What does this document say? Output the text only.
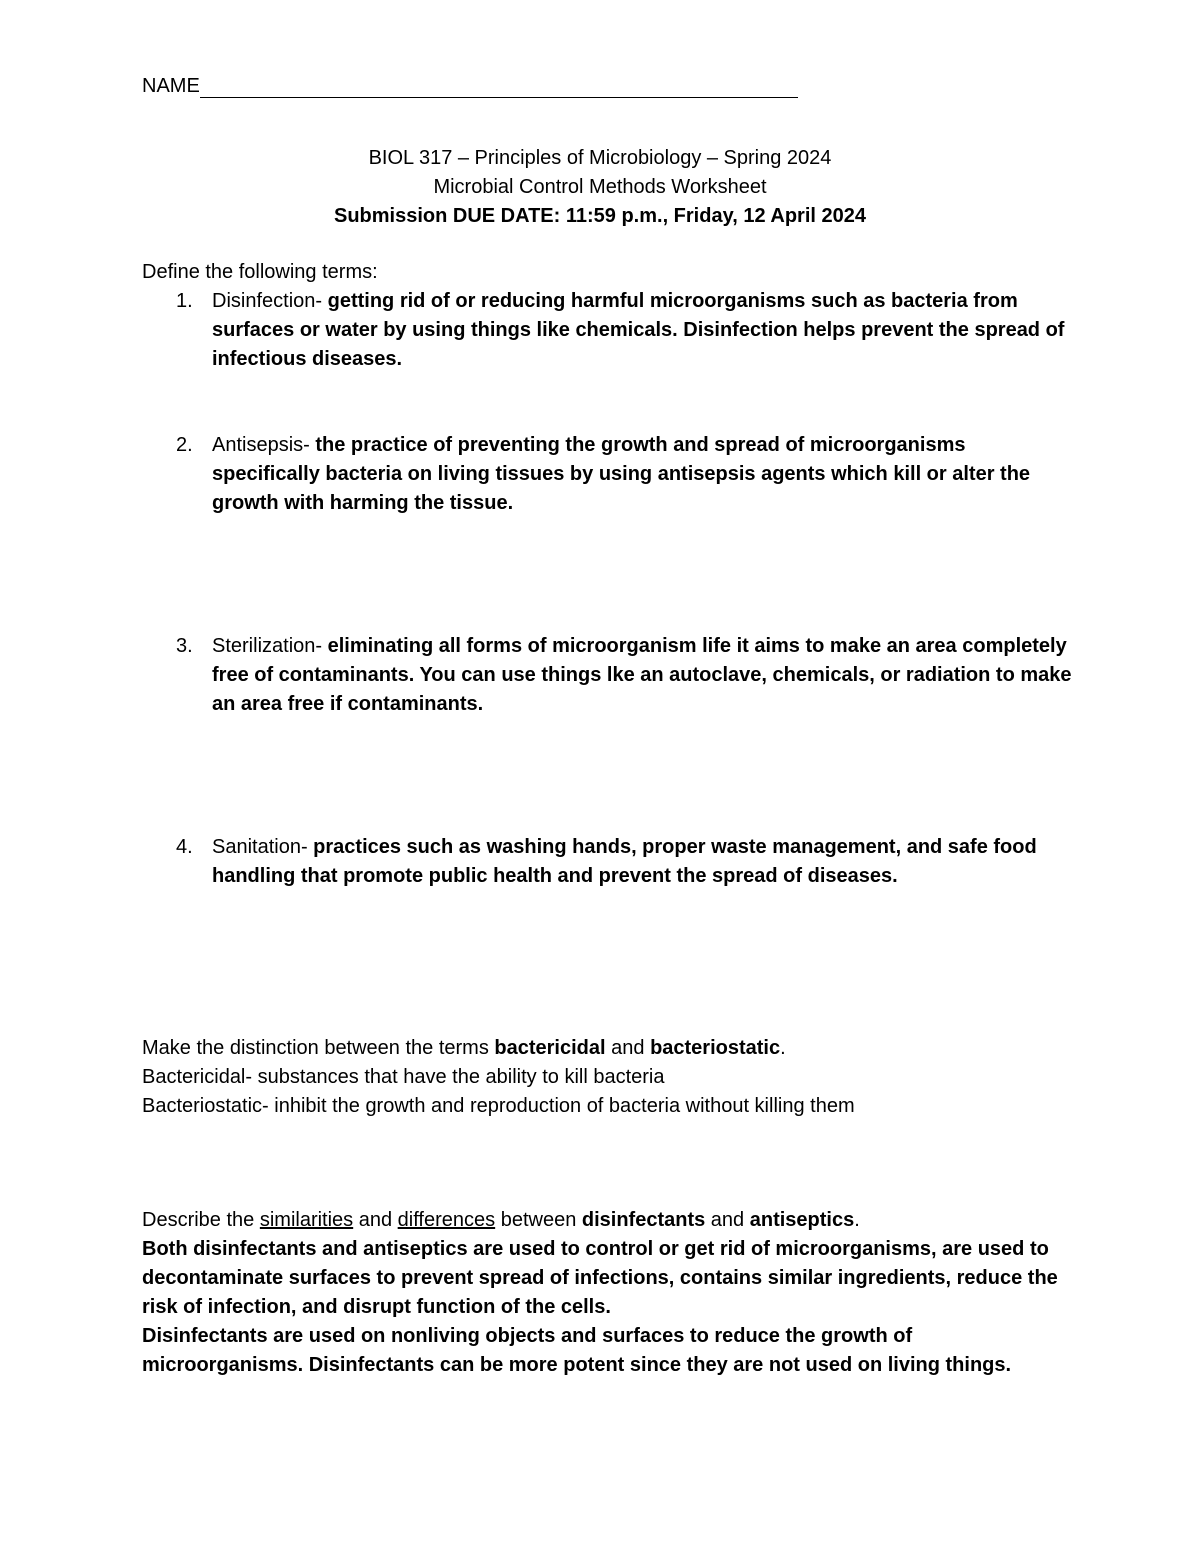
NAME

BIOL 317 – Principles of Microbiology – Spring 2024

Microbial Control Methods Worksheet

Submission DUE DATE: 11:59 p.m., Friday, 12 April 2024

Define the following terms:
1. Disinfection- getting rid of or reducing harmful microorganisms such as bacteria from surfaces or water by using things like chemicals. Disinfection helps prevent the spread of infectious diseases.
2. Antisepsis- the practice of preventing the growth and spread of microorganisms specifically bacteria on living tissues by using antisepsis agents which kill or alter the growth with harming the tissue.
3. Sterilization- eliminating all forms of microorganism life it aims to make an area completely free of contaminants. You can use things lke an autoclave, chemicals, or radiation to make an area free if contaminants.
4. Sanitation- practices such as washing hands, proper waste management, and safe food handling that promote public health and prevent the spread of diseases.

Make the distinction between the terms bactericidal and bacteriostatic.

Bactericidal- substances that have the ability to kill bacteria

Bacteriostatic- inhibit the growth and reproduction of bacteria without killing them

Describe the similarities and differences between disinfectants and antiseptics.

Both disinfectants and antiseptics are used to control or get rid of microorganisms, are used to decontaminate surfaces to prevent spread of infections, contains similar ingredients, reduce the risk of infection, and disrupt function of the cells.

Disinfectants are used on nonliving objects and surfaces to reduce the growth of microorganisms. Disinfectants can be more potent since they are not used on living things.
